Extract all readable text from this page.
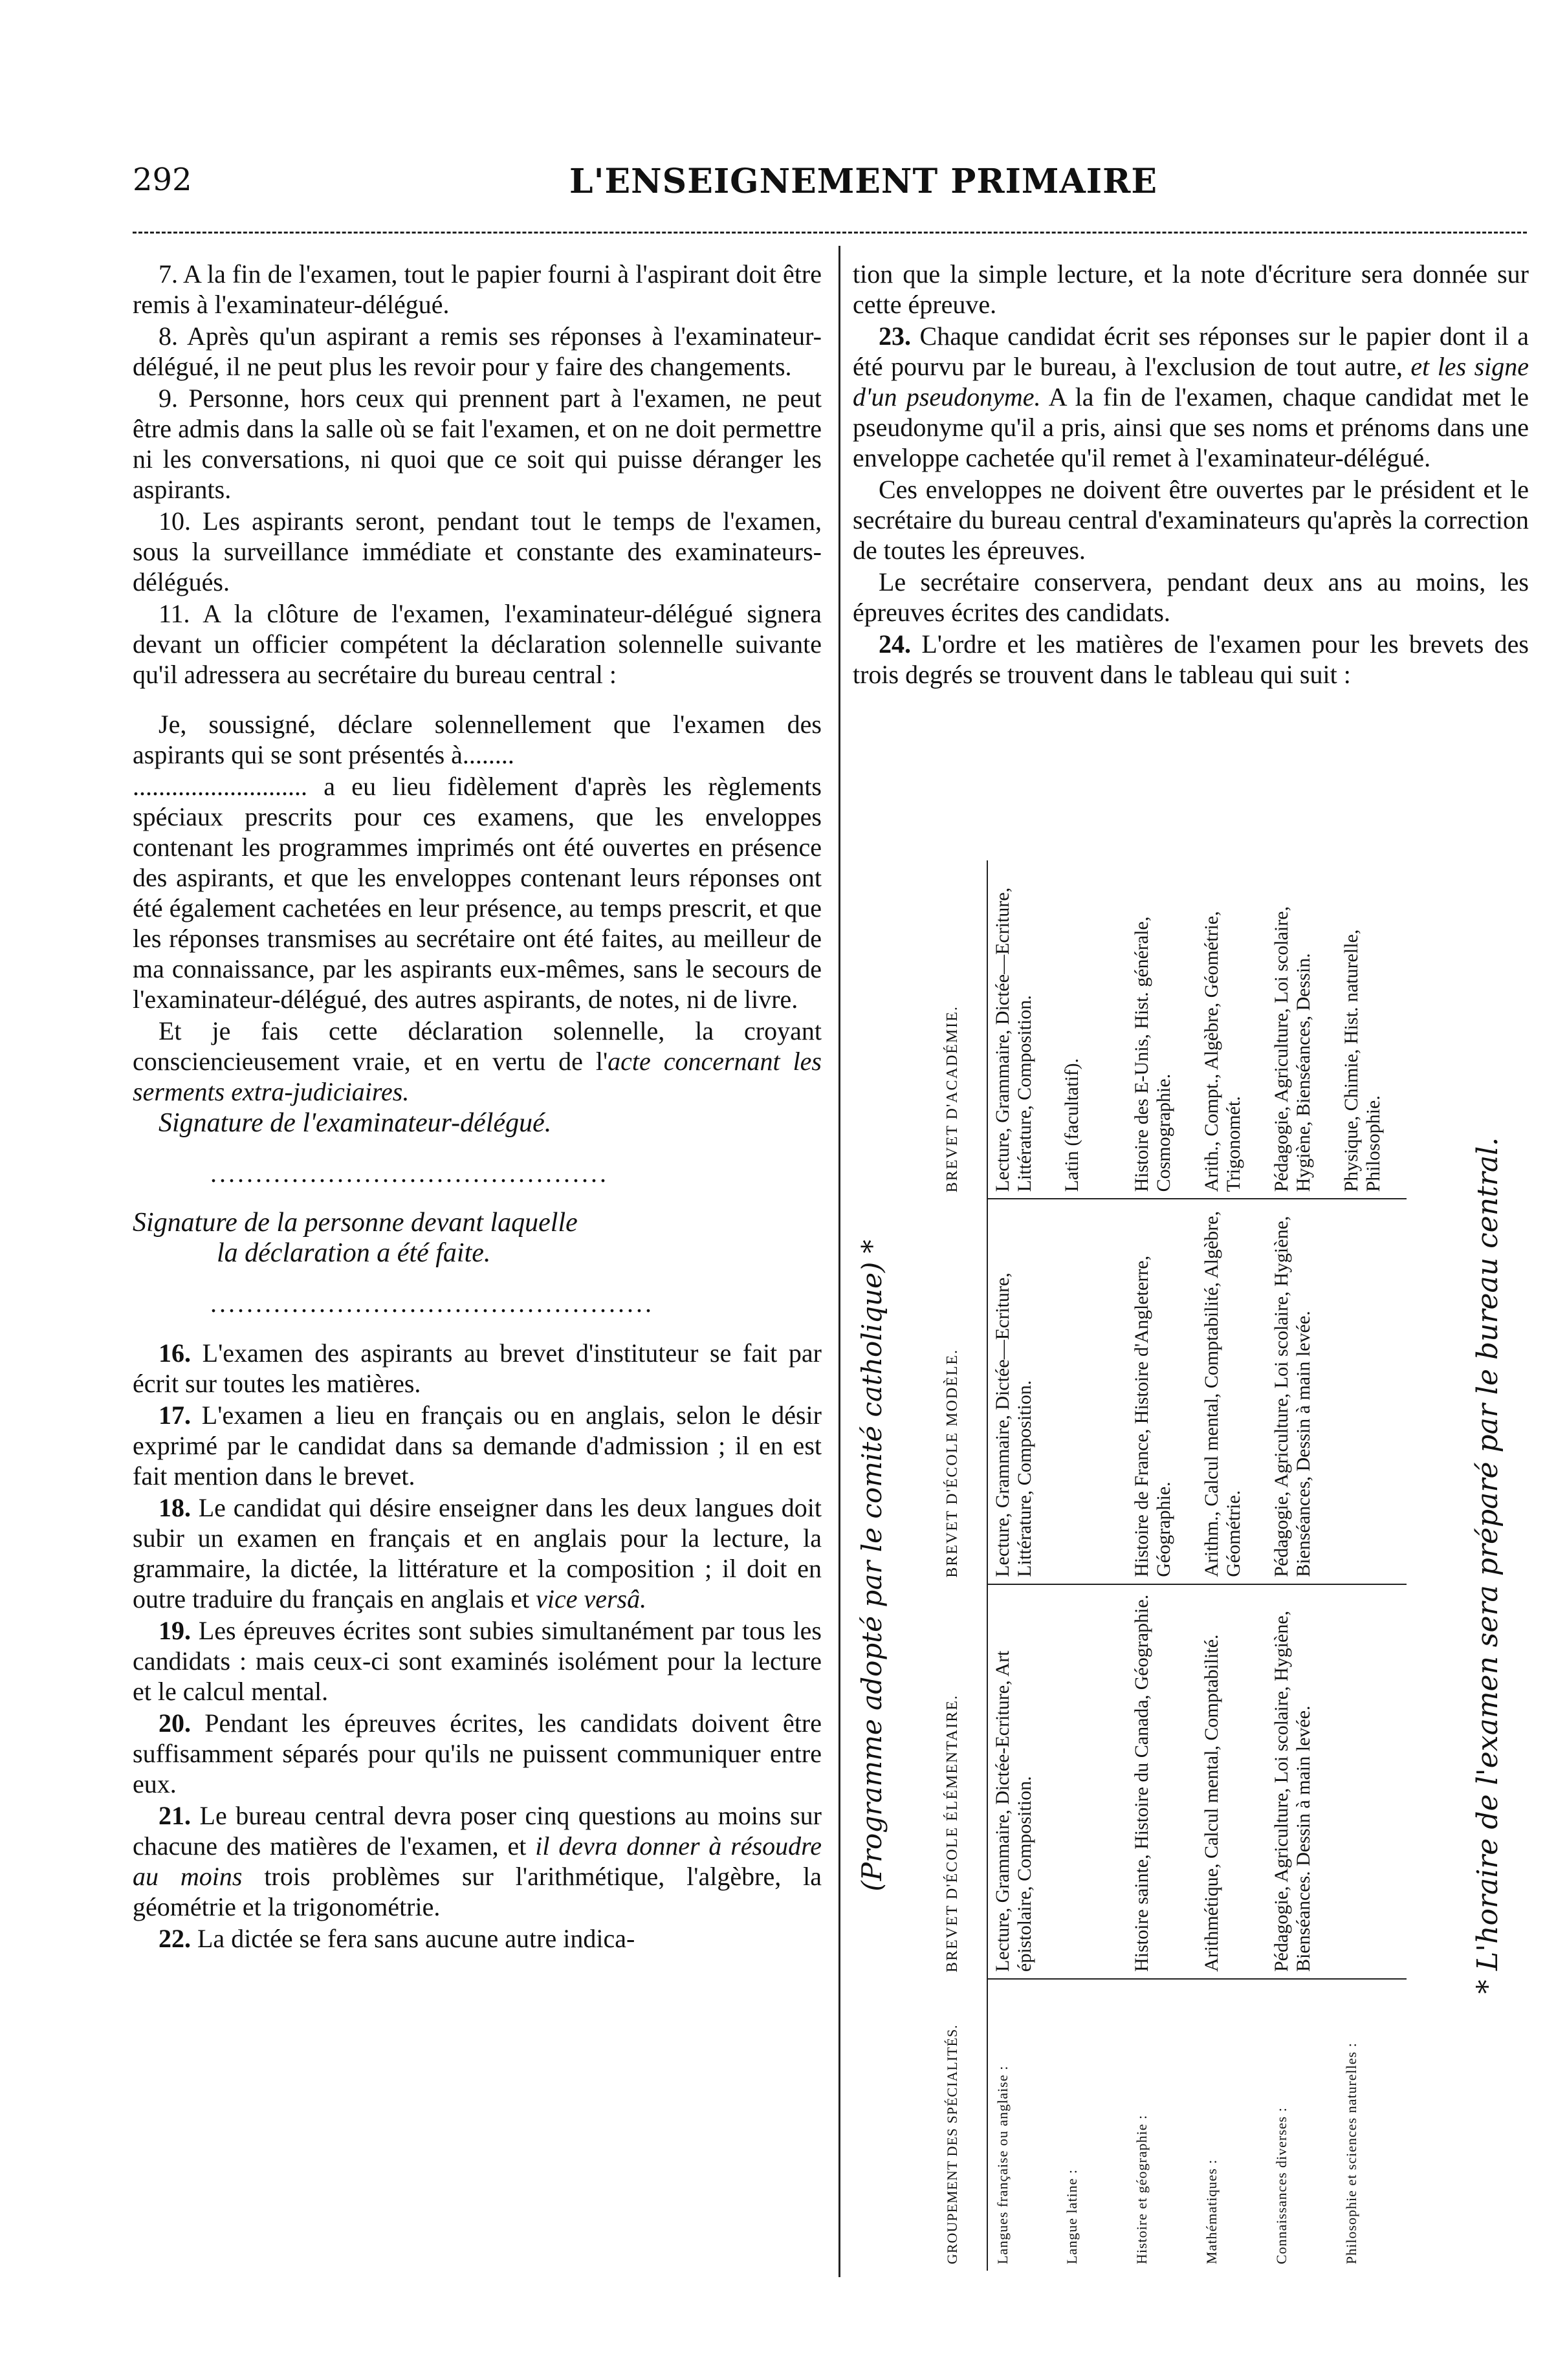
292	L'ENSEIGNEMENT PRIMAIRE

7. A la fin de l'examen, tout le papier fourni à l'aspirant doit être remis à l'examinateur-délégué.

8. Après qu'un aspirant a remis ses réponses à l'examinateur-délégué, il ne peut plus les revoir pour y faire des changements.

9. Personne, hors ceux qui prennent part à l'examen, ne peut être admis dans la salle où se fait l'examen, et on ne doit permettre ni les conversations, ni quoi que ce soit qui puisse déranger les aspirants.

10. Les aspirants seront, pendant tout le temps de l'examen, sous la surveillance immédiate et constante des examinateurs-délégués.

11. A la clôture de l'examen, l'examinateur-délégué signera devant un officier compétent la déclaration solennelle suivante qu'il adressera au secrétaire du bureau central :

Je, soussigné, déclare solennellement que l'examen des aspirants qui se sont présentés à........

........................... a eu lieu fidèlement d'après les règlements spéciaux prescrits pour ces examens, que les enveloppes contenant les programmes imprimés ont été ouvertes en présence des aspirants, et que les enveloppes contenant leurs réponses ont été également cachetées en leur présence, au temps prescrit, et que les réponses transmises au secrétaire ont été faites, au meilleur de ma connaissance, par les aspirants eux-mêmes, sans le secours de l'examinateur-délégué, des autres aspirants, de notes, ni de livre.

Et je fais cette déclaration solennelle, la croyant consciencieusement vraie, et en vertu de l'acte concernant les serments extra-judiciaires.

Signature de l'examinateur-délégué.

............................................
Signature de la personne devant laquelle
la déclaration a été faite.
.................................................

16. L'examen des aspirants au brevet d'instituteur se fait par écrit sur toutes les matières.

17. L'examen a lieu en français ou en anglais, selon le désir exprimé par le candidat dans sa demande d'admission ; il en est fait mention dans le brevet.

18. Le candidat qui désire enseigner dans les deux langues doit subir un examen en français et en anglais pour la lecture, la grammaire, la dictée, la littérature et la composition ; il doit en outre traduire du français en anglais et vice versâ.

19. Les épreuves écrites sont subies simultanément par tous les candidats : mais ceux-ci sont examinés isolément pour la lecture et le calcul mental.

20. Pendant les épreuves écrites, les candidats doivent être suffisamment séparés pour qu'ils ne puissent communiquer entre eux.

21. Le bureau central devra poser cinq questions au moins sur chacune des matières de l'examen, et il devra donner à résoudre au moins trois problèmes sur l'arithmétique, l'algèbre, la géométrie et la trigonométrie.

22. La dictée se fera sans aucune autre indica-

tion que la simple lecture, et la note d'écriture sera donnée sur cette épreuve.

23. Chaque candidat écrit ses réponses sur le papier dont il a été pourvu par le bureau, à l'exclusion de tout autre, et les signe d'un pseudonyme. A la fin de l'examen, chaque candidat met le pseudonyme qu'il a pris, ainsi que ses noms et prénoms dans une enveloppe cachetée qu'il remet à l'examinateur-délégué.

Ces enveloppes ne doivent être ouvertes par le président et le secrétaire du bureau central d'examinateurs qu'après la correction de toutes les épreuves.

Le secrétaire conservera, pendant deux ans au moins, les épreuves écrites des candidats.

24. L'ordre et les matières de l'examen pour les brevets des trois degrés se trouvent dans le tableau qui suit :

(Programme adopté par le comité catholique) *
GROUPEMENT DES SPÉCIALITÉS.	BREVET D'ÉCOLE ÉLÉMENTAIRE.	BREVET D'ÉCOLE MODÈLE.	BREVET D'ACADÉMIE.
Langues française ou anglaise :	Lecture, Grammaire, Dictée-Ecriture, Art épistolaire, Composition.	Lecture, Grammaire, Dictée—Ecriture, Littérature, Composition.	Lecture, Grammaire, Dictée—Ecriture, Littérature, Composition.
Langue latine :			Latin (facultatif).
Histoire et géographie :	Histoire sainte, Histoire du Canada, Géographie.	Histoire de France, Histoire d'Angleterre, Géographie.	Histoire des E-Unis, Hist. générale, Cosmographie.
Mathématiques :	Arithmétique, Calcul mental, Comptabilité.	Arithm., Calcul mental, Comptabilité, Algèbre, Géométrie.	Arith., Compt., Algèbre, Géométrie, Trigonomét.
Connaissances diverses :	Pédagogie, Agriculture, Loi scolaire, Hygiène, Bienséances. Dessin à main levée.	Pédagogie, Agriculture, Loi scolaire, Hygiène, Bienséances, Dessin à main levée.	Pédagogie, Agriculture, Loi scolaire, Hygiène, Bienséances, Dessin.
Philosophie et sciences naturelles :			Physique, Chimie, Hist. naturelle, Philosophie.	* L'horaire de l'examen sera préparé par le bureau central.
